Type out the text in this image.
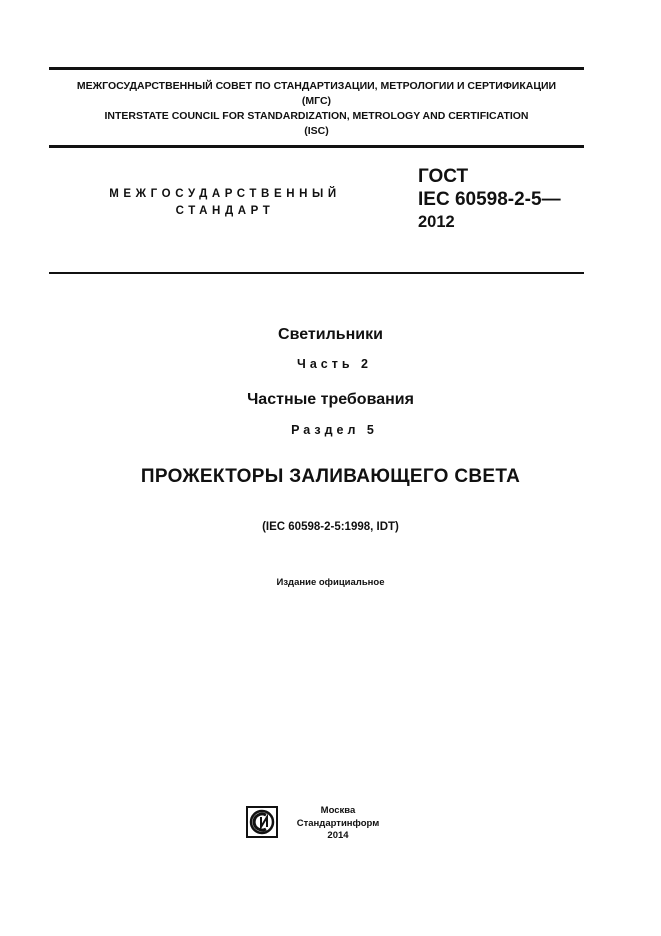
МЕЖГОСУДАРСТВЕННЫЙ СОВЕТ ПО СТАНДАРТИЗАЦИИ, МЕТРОЛОГИИ И СЕРТИФИКАЦИИ
(МГС)
INTERSTATE COUNCIL FOR STANDARDIZATION, METROLOGY AND CERTIFICATION
(ISC)
МЕЖГОСУДАРСТВЕННЫЙ
СТАНДАРТ
ГОСТ
IEC 60598-2-5—
2012
Светильники
Часть 2
Частные требования
Раздел 5
ПРОЖЕКТОРЫ ЗАЛИВАЮЩЕГО СВЕТА
(IEC 60598-2-5:1998, IDT)
Издание официальное
Москва
Стандартинформ
2014
